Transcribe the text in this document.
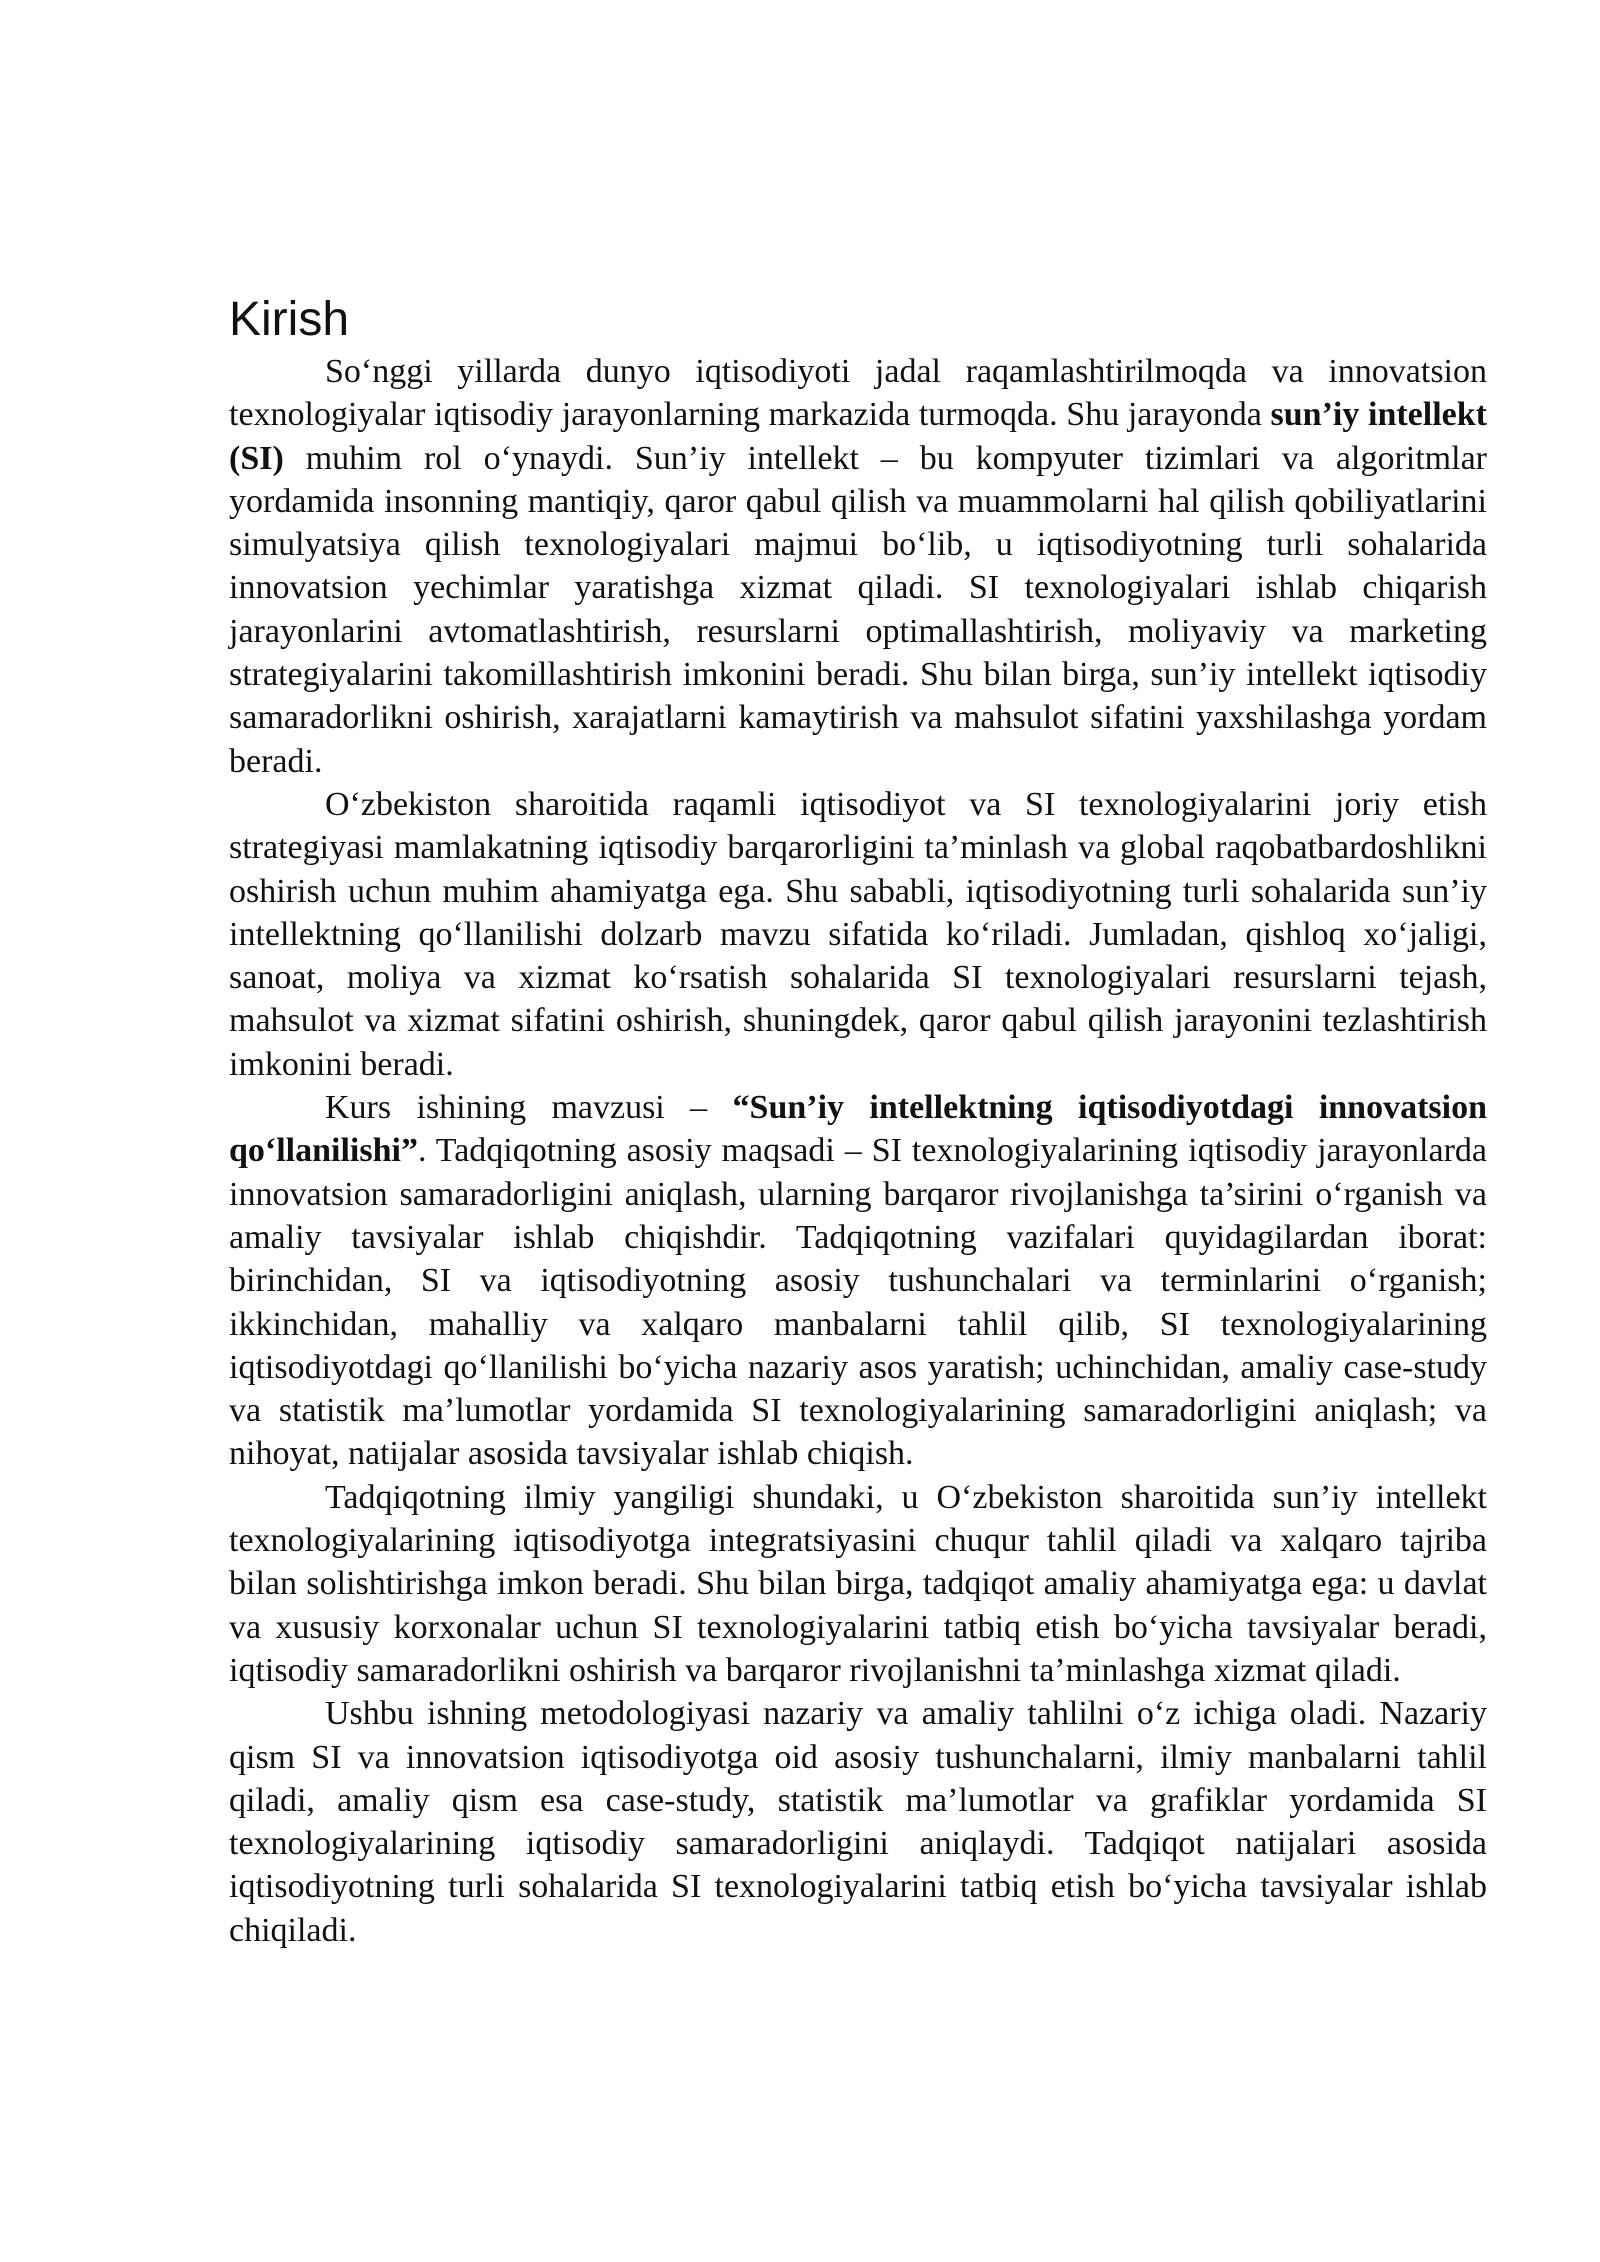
Kirish

So‘nggi yillarda dunyo iqtisodiyoti jadal raqamlashtirilmoqda va innovatsion texnologiyalar iqtisodiy jarayonlarning markazida turmoqda. Shu jarayonda sun’iy intellekt (SI) muhim rol o‘ynaydi. Sun’iy intellekt – bu kompyuter tizimlari va algoritmlar yordamida insonning mantiqiy, qaror qabul qilish va muammolarni hal qilish qobiliyatlarini simulyatsiya qilish texnologiyalari majmui bo‘lib, u iqtisodiyotning turli sohalarida innovatsion yechimlar yaratishga xizmat qiladi. SI texnologiyalari ishlab chiqarish jarayonlarini avtomatlashtirish, resurslarni optimallashtirish, moliyaviy va marketing strategiyalarini takomillashtirish imkonini beradi. Shu bilan birga, sun’iy intellekt iqtisodiy samaradorlikni oshirish, xarajatlarni kamaytirish va mahsulot sifatini yaxshilashga yordam beradi.

O‘zbekiston sharoitida raqamli iqtisodiyot va SI texnologiyalarini joriy etish strategiyasi mamlakatning iqtisodiy barqarorligini ta’minlash va global raqobatbardoshlikni oshirish uchun muhim ahamiyatga ega. Shu sababli, iqtisodiyotning turli sohalarida sun’iy intellektning qo‘llanilishi dolzarb mavzu sifatida ko‘riladi. Jumladan, qishloq xo‘jaligi, sanoat, moliya va xizmat ko‘rsatish sohalarida SI texnologiyalari resurslarni tejash, mahsulot va xizmat sifatini oshirish, shuningdek, qaror qabul qilish jarayonini tezlashtirish imkonini beradi.

Kurs ishining mavzusi – “Sun’iy intellektning iqtisodiyotdagi innovatsion qo‘llanilishi”. Tadqiqotning asosiy maqsadi – SI texnologiyalarining iqtisodiy jarayonlarda innovatsion samaradorligini aniqlash, ularning barqaror rivojlanishga ta’sirini o‘rganish va amaliy tavsiyalar ishlab chiqishdir. Tadqiqotning vazifalari quyidagilardan iborat: birinchidan, SI va iqtisodiyotning asosiy tushunchalari va terminlarini o‘rganish; ikkinchidan, mahalliy va xalqaro manbalarni tahlil qilib, SI texnologiyalarining iqtisodiyotdagi qo‘llanilishi bo‘yicha nazariy asos yaratish; uchinchidan, amaliy case-study va statistik ma’lumotlar yordamida SI texnologiyalarining samaradorligini aniqlash; va nihoyat, natijalar asosida tavsiyalar ishlab chiqish.

Tadqiqotning ilmiy yangiligi shundaki, u O‘zbekiston sharoitida sun’iy intellekt texnologiyalarining iqtisodiyotga integratsiyasini chuqur tahlil qiladi va xalqaro tajriba bilan solishtirishga imkon beradi. Shu bilan birga, tadqiqot amaliy ahamiyatga ega: u davlat va xususiy korxonalar uchun SI texnologiyalarini tatbiq etish bo‘yicha tavsiyalar beradi, iqtisodiy samaradorlikni oshirish va barqaror rivojlanishni ta’minlashga xizmat qiladi.

Ushbu ishning metodologiyasi nazariy va amaliy tahlilni o‘z ichiga oladi. Nazariy qism SI va innovatsion iqtisodiyotga oid asosiy tushunchalarni, ilmiy manbalarni tahlil qiladi, amaliy qism esa case-study, statistik ma’lumotlar va grafiklar yordamida SI texnologiyalarining iqtisodiy samaradorligini aniqlaydi. Tadqiqot natijalari asosida iqtisodiyotning turli sohalarida SI texnologiyalarini tatbiq etish bo‘yicha tavsiyalar ishlab chiqiladi.
